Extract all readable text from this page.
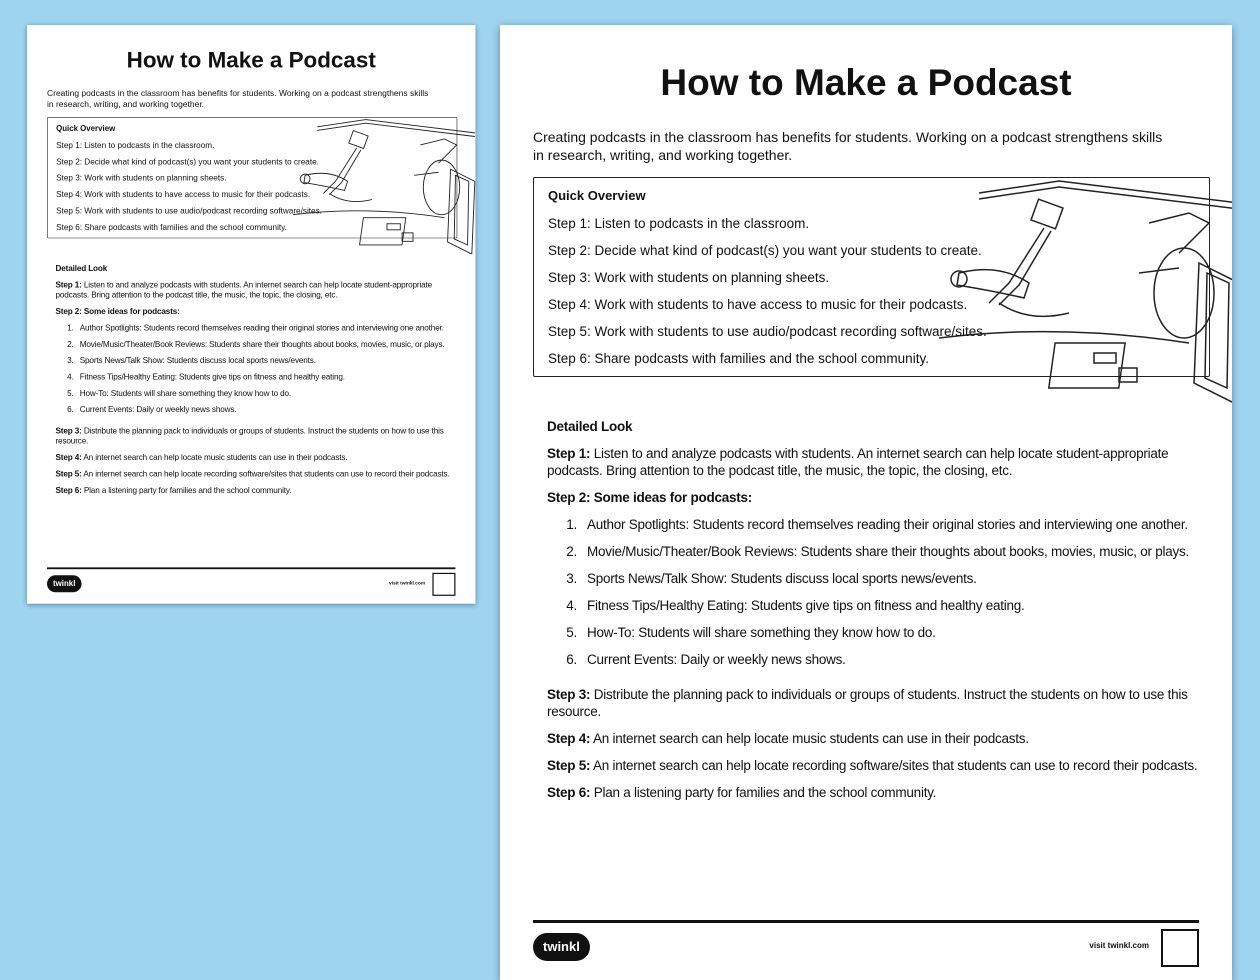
How to Make a Podcast

Creating podcasts in the classroom has benefits for students. Working on a podcast strengthens skills in research, writing, and working together.

Quick Overview
Step 1: Listen to podcasts in the classroom.
Step 2: Decide what kind of podcast(s) you want your students to create.
Step 3: Work with students on planning sheets.
Step 4: Work with students to have access to music for their podcasts.
Step 5: Work with students to use audio/podcast recording software/sites.
Step 6: Share podcasts with families and the school community.
Detailed Look

Step 1: Listen to and analyze podcasts with students. An internet search can help locate student-appropriate podcasts. Bring attention to the podcast title, the music, the topic, the closing, etc.

Step 2: Some ideas for podcasts:

1. Author Spotlights: Students record themselves reading their original stories and interviewing one another.
2. Movie/Music/Theater/Book Reviews: Students share their thoughts about books, movies, music, or plays.
3. Sports News/Talk Show: Students discuss local sports news/events.
4. Fitness Tips/Healthy Eating: Students give tips on fitness and healthy eating.
5. How-To: Students will share something they know how to do.
6. Current Events: Daily or weekly news shows.

Step 3: Distribute the planning pack to individuals or groups of students. Instruct the students on how to use this resource.

Step 4: An internet search can help locate music students can use in their podcasts.

Step 5: An internet search can help locate recording software/sites that students can use to record their podcasts.

Step 6: Plan a listening party for families and the school community.

twinkl	visit twinkl.com
How to Make a Podcast

Creating podcasts in the classroom has benefits for students. Working on a podcast strengthens skills in research, writing, and working together.

Quick Overview
Step 1: Listen to podcasts in the classroom.
Step 2: Decide what kind of podcast(s) you want your students to create.
Step 3: Work with students on planning sheets.
Step 4: Work with students to have access to music for their podcasts.
Step 5: Work with students to use audio/podcast recording software/sites.
Step 6: Share podcasts with families and the school community.
Detailed Look

Step 1: Listen to and analyze podcasts with students. An internet search can help locate student-appropriate podcasts. Bring attention to the podcast title, the music, the topic, the closing, etc.

Step 2: Some ideas for podcasts:

1. Author Spotlights: Students record themselves reading their original stories and interviewing one another.
2. Movie/Music/Theater/Book Reviews: Students share their thoughts about books, movies, music, or plays.
3. Sports News/Talk Show: Students discuss local sports news/events.
4. Fitness Tips/Healthy Eating: Students give tips on fitness and healthy eating.
5. How-To: Students will share something they know how to do.
6. Current Events: Daily or weekly news shows.

Step 3: Distribute the planning pack to individuals or groups of students. Instruct the students on how to use this resource.

Step 4: An internet search can help locate music students can use in their podcasts.

Step 5: An internet search can help locate recording software/sites that students can use to record their podcasts.

Step 6: Plan a listening party for families and the school community.

twinkl	visit twinkl.com
